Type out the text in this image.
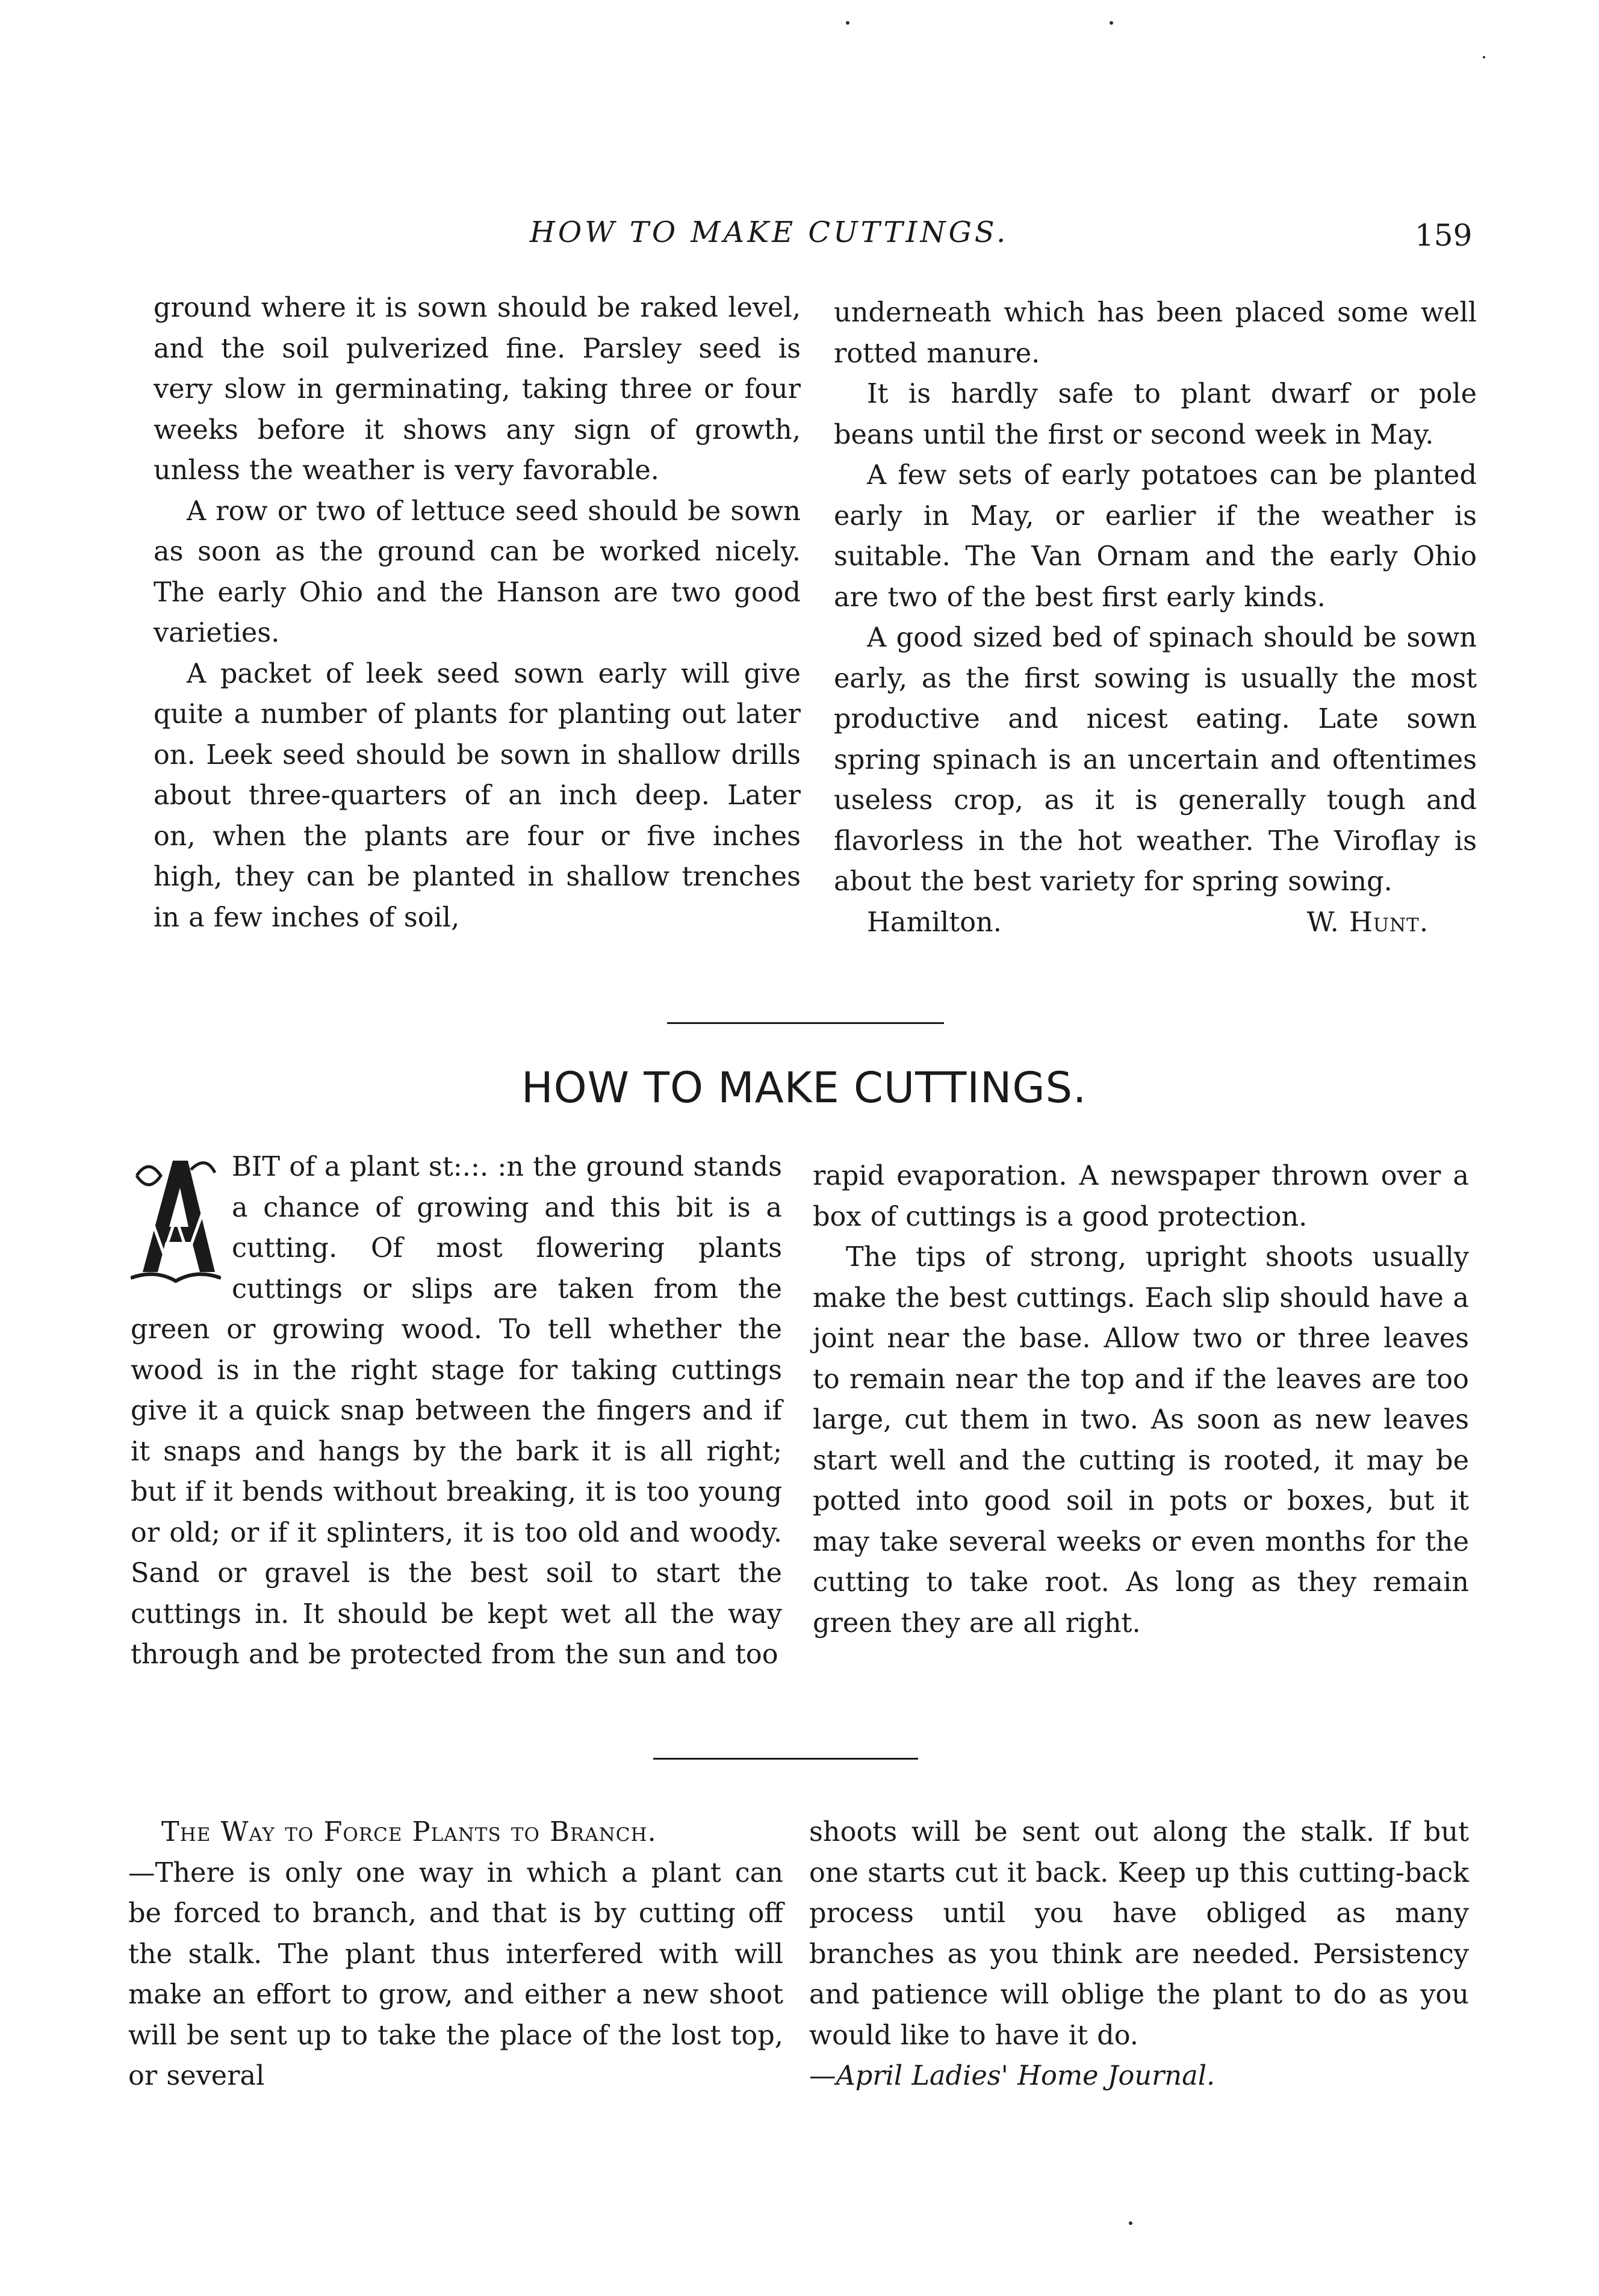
HOW TO MAKE CUTTINGS.	159

ground where it is sown should be raked level, and the soil pulverized fine. Parsley seed is very slow in germinating, taking three or four weeks before it shows any sign of growth, unless the weather is very favorable.

A row or two of lettuce seed should be sown as soon as the ground can be worked nicely. The early Ohio and the Hanson are two good varieties.

A packet of leek seed sown early will give quite a number of plants for planting out later on. Leek seed should be sown in shallow drills about three-quarters of an inch deep. Later on, when the plants are four or five inches high, they can be planted in shallow trenches in a few inches of soil,

underneath which has been placed some well rotted manure.

It is hardly safe to plant dwarf or pole beans until the first or second week in May.

A few sets of early potatoes can be planted early in May, or earlier if the weather is suitable. The Van Ornam and the early Ohio are two of the best first early kinds.

A good sized bed of spinach should be sown early, as the first sowing is usually the most productive and nicest eating. Late sown spring spinach is an uncertain and oftentimes useless crop, as it is generally tough and flavorless in the hot weather. The Viroflay is about the best variety for spring sowing.

Hamilton.	W. Hunt.
HOW TO MAKE CUTTINGS.

BIT of a plant st:.:. :n the ground stands a chance of growing and this bit is a cutting. Of most flowering plants cuttings or slips are taken from the green or growing wood. To tell whether the wood is in the right stage for taking cuttings give it a quick snap between the fingers and if it snaps and hangs by the bark it is all right; but if it bends without breaking, it is too young or old; or if it splinters, it is too old and woody. Sand or gravel is the best soil to start the cuttings in. It should be kept wet all the way through and be protected from the sun and too

rapid evaporation. A newspaper thrown over a box of cuttings is a good protection.

The tips of strong, upright shoots usually make the best cuttings. Each slip should have a joint near the base. Allow two or three leaves to remain near the top and if the leaves are too large, cut them in two. As soon as new leaves start well and the cutting is rooted, it may be potted into good soil in pots or boxes, but it may take several weeks or even months for the cutting to take root. As long as they remain green they are all right.

The Way to Force Plants to Branch.
—There is only one way in which a plant can be forced to branch, and that is by cutting off the stalk. The plant thus interfered with will make an effort to grow, and either a new shoot will be sent up to take the place of the lost top, or several

shoots will be sent out along the stalk. If but one starts cut it back. Keep up this cutting-back process until you have obliged as many branches as you think are needed. Persistency and patience will oblige the plant to do as you would like to have it do.

—April Ladies' Home Journal.
